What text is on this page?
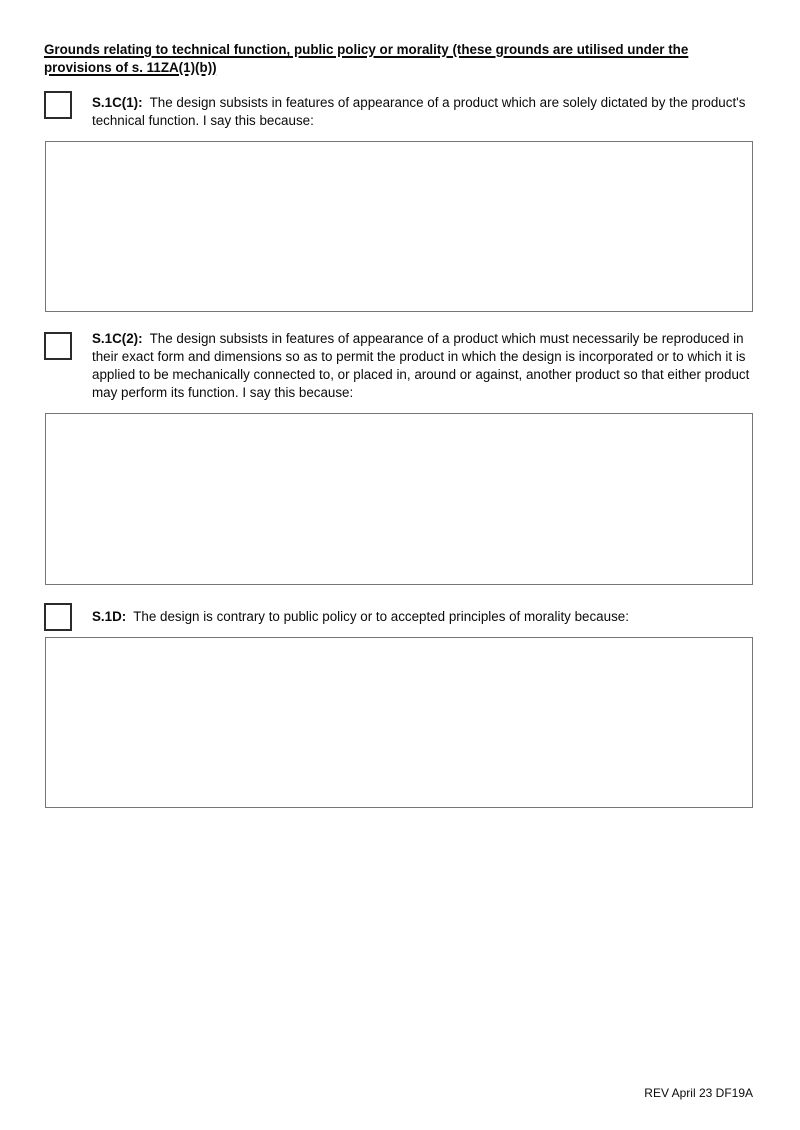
Grounds relating to technical function, public policy or morality (these grounds are utilised under the provisions of s. 11ZA(1)(b))
S.1C(1): The design subsists in features of appearance of a product which are solely dictated by the product's technical function. I say this because:
S.1C(2): The design subsists in features of appearance of a product which must necessarily be reproduced in their exact form and dimensions so as to permit the product in which the design is incorporated or to which it is applied to be mechanically connected to, or placed in, around or against, another product so that either product may perform its function. I say this because:
S.1D: The design is contrary to public policy or to accepted principles of morality because:
REV April 23 DF19A
